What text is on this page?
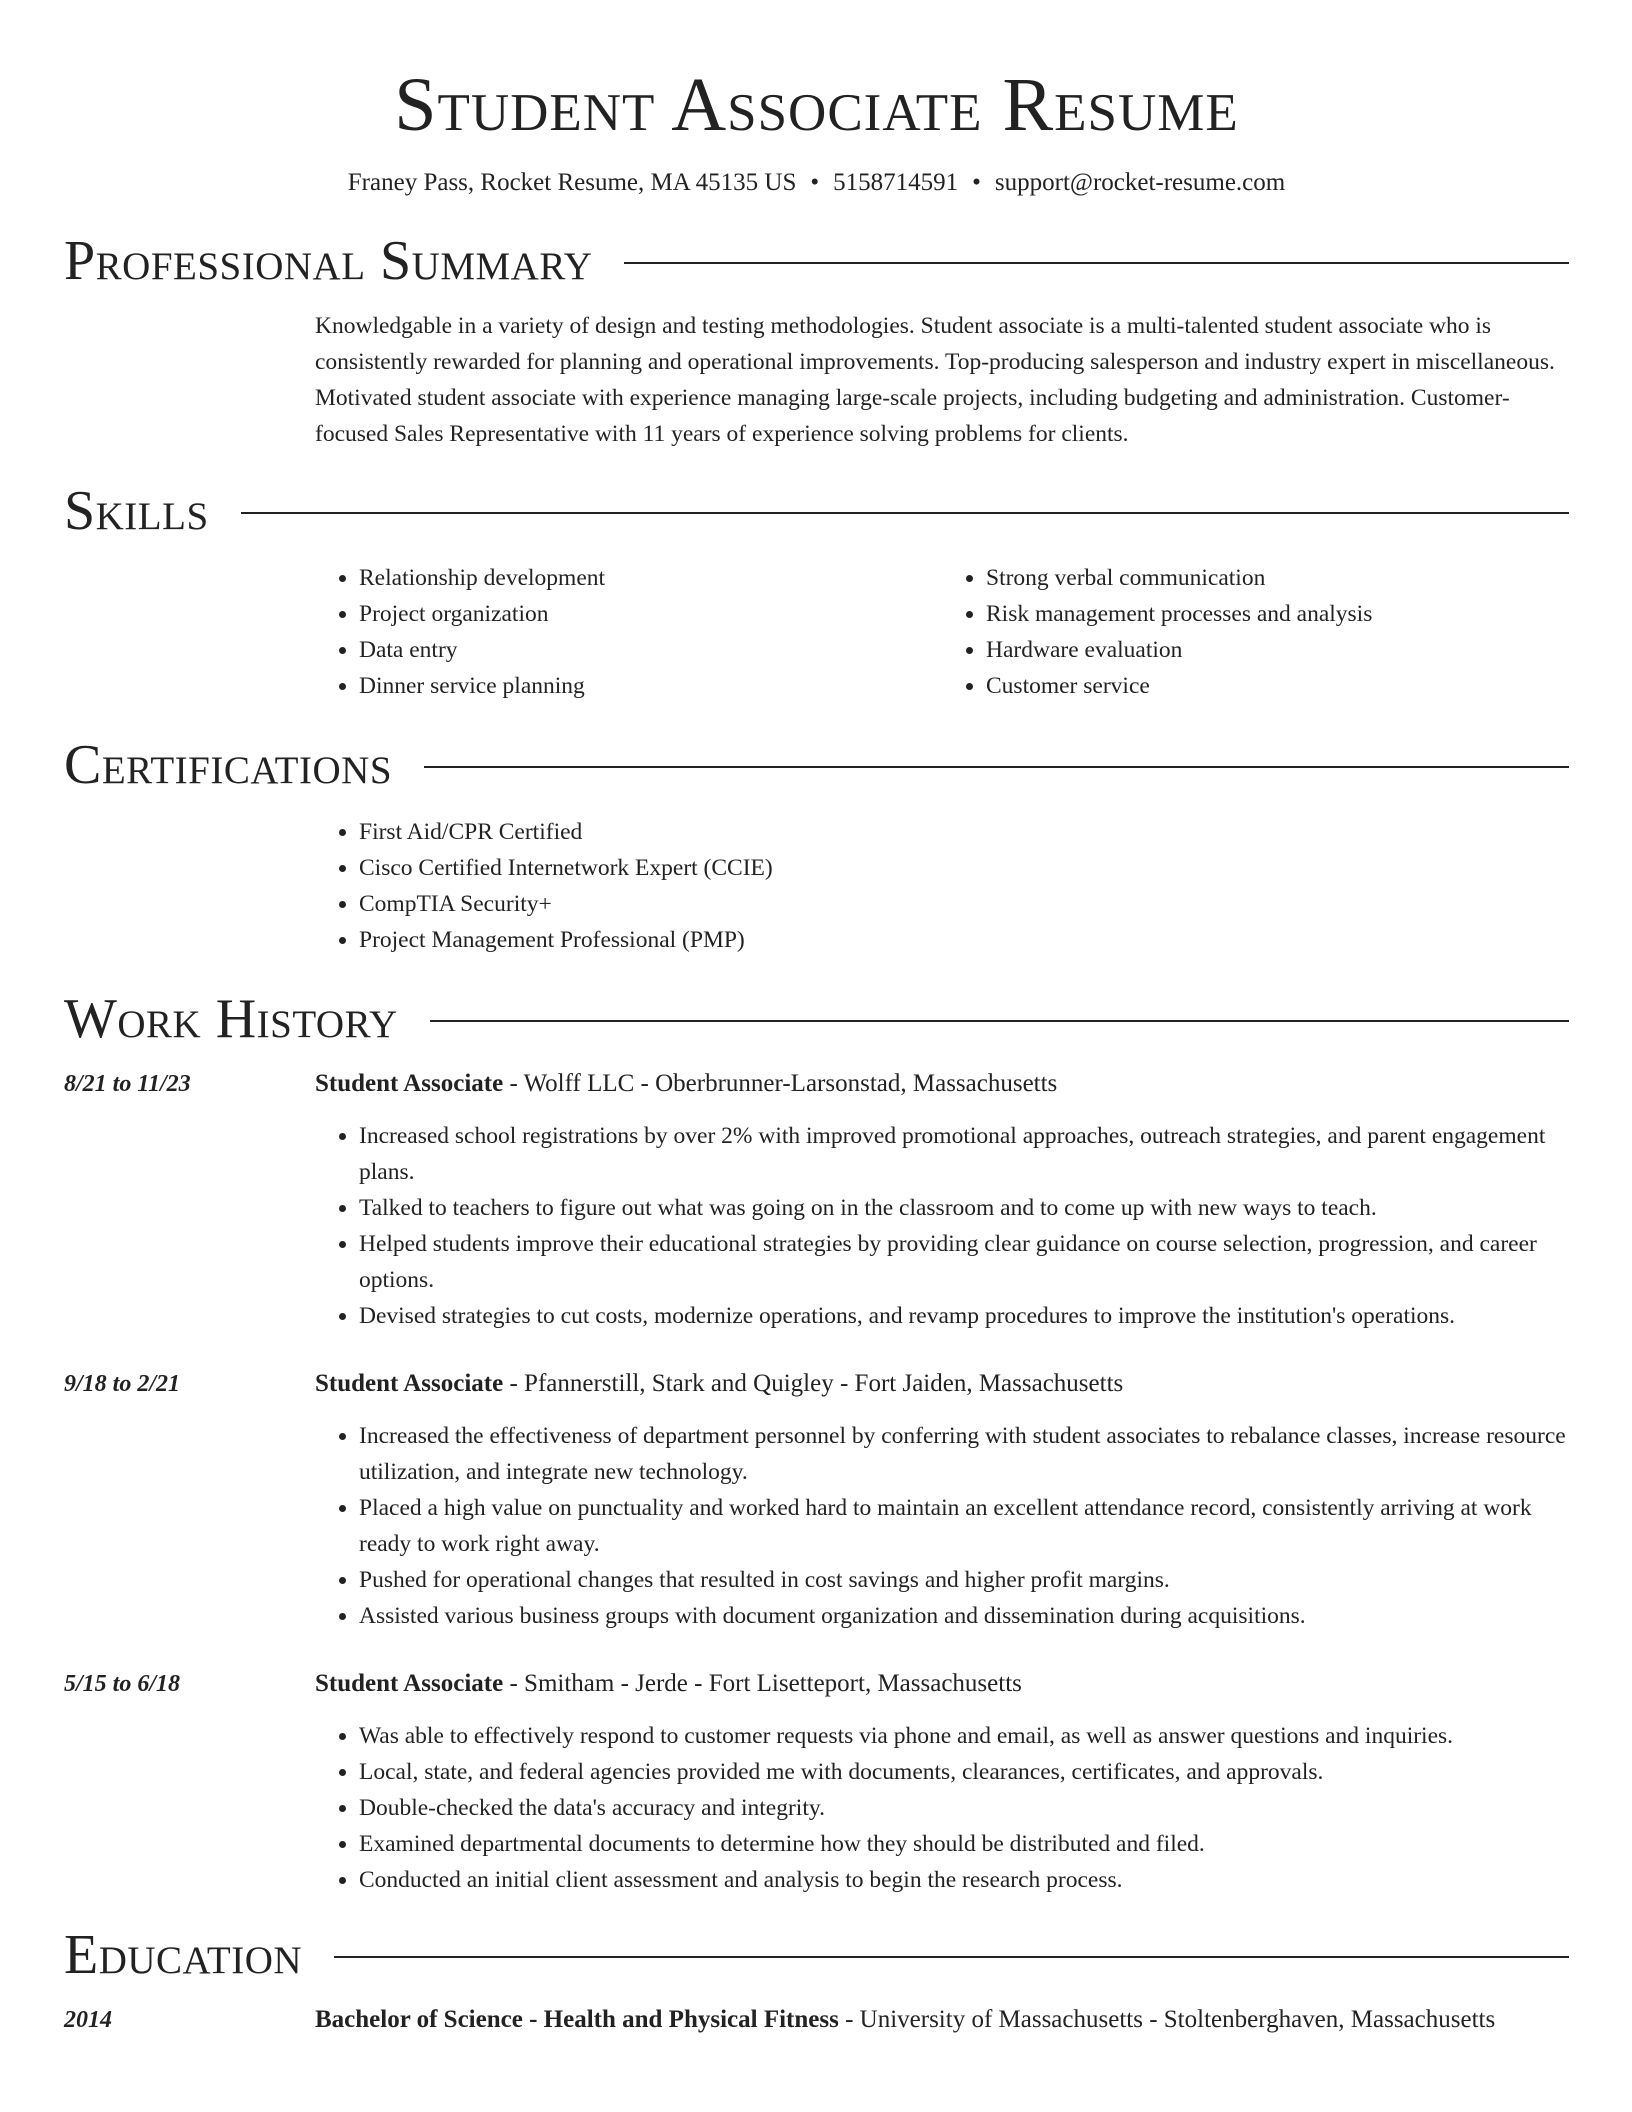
Student Associate Resume
Franey Pass, Rocket Resume, MA 45135 US • 5158714591 • support@rocket-resume.com
Professional Summary
Knowledgable in a variety of design and testing methodologies. Student associate is a multi-talented student associate who is consistently rewarded for planning and operational improvements. Top-producing salesperson and industry expert in miscellaneous. Motivated student associate with experience managing large-scale projects, including budgeting and administration. Customer-focused Sales Representative with 11 years of experience solving problems for clients.
Skills
• Relationship development
• Project organization
• Data entry
• Dinner service planning
• Strong verbal communication
• Risk management processes and analysis
• Hardware evaluation
• Customer service
Certifications
• First Aid/CPR Certified
• Cisco Certified Internetwork Expert (CCIE)
• CompTIA Security+
• Project Management Professional (PMP)
Work History
8/21 to 11/23	Student Associate - Wolff LLC - Oberbrunner-Larsonstad, Massachusetts
• Increased school registrations by over 2% with improved promotional approaches, outreach strategies, and parent engagement plans.
• Talked to teachers to figure out what was going on in the classroom and to come up with new ways to teach.
• Helped students improve their educational strategies by providing clear guidance on course selection, progression, and career options.
• Devised strategies to cut costs, modernize operations, and revamp procedures to improve the institution's operations.
9/18 to 2/21	Student Associate - Pfannerstill, Stark and Quigley - Fort Jaiden, Massachusetts
• Increased the effectiveness of department personnel by conferring with student associates to rebalance classes, increase resource utilization, and integrate new technology.
• Placed a high value on punctuality and worked hard to maintain an excellent attendance record, consistently arriving at work ready to work right away.
• Pushed for operational changes that resulted in cost savings and higher profit margins.
• Assisted various business groups with document organization and dissemination during acquisitions.
5/15 to 6/18	Student Associate - Smitham - Jerde - Fort Lisetteport, Massachusetts
• Was able to effectively respond to customer requests via phone and email, as well as answer questions and inquiries.
• Local, state, and federal agencies provided me with documents, clearances, certificates, and approvals.
• Double-checked the data's accuracy and integrity.
• Examined departmental documents to determine how they should be distributed and filed.
• Conducted an initial client assessment and analysis to begin the research process.
Education
2014	Bachelor of Science - Health and Physical Fitness - University of Massachusetts - Stoltenberghaven, Massachusetts
